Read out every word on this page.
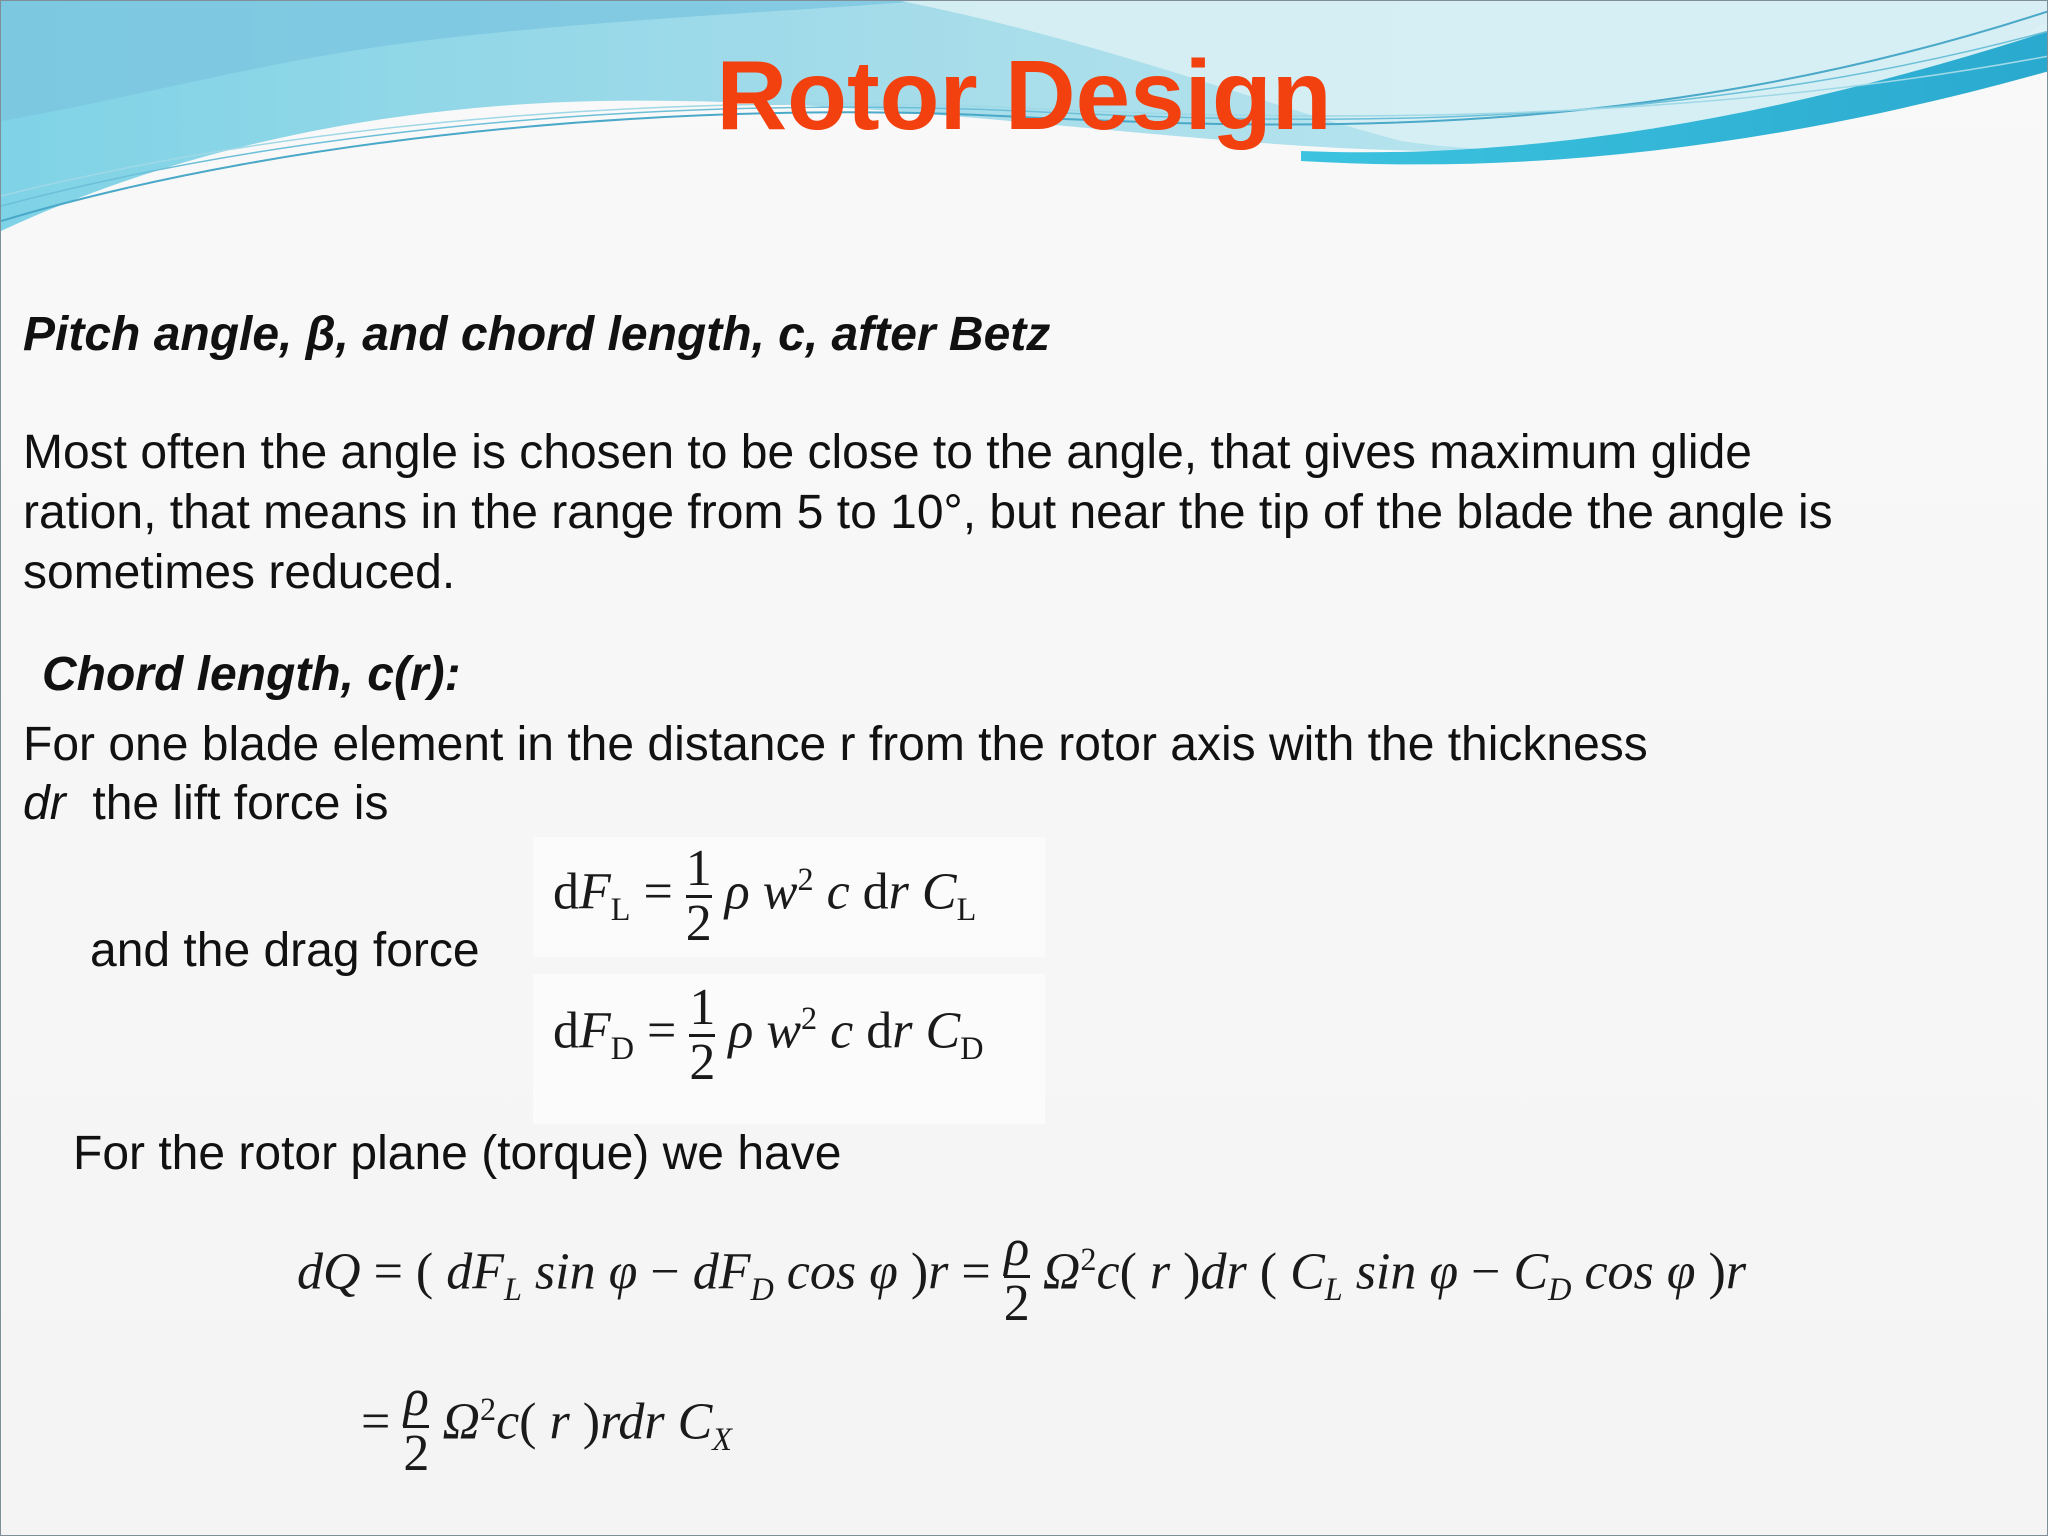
Rotor Design
Pitch angle, β, and chord length, c, after Betz
Most often the angle is chosen to be close to the angle, that gives maximum glide
ration, that means in the range from 5 to 10°, but near the tip of the blade the angle is
sometimes reduced.
Chord length, c(r):
For one blade element in the distance r from the rotor axis with the thickness
dr  the lift force is
and the drag force
$dF_L = \frac{1}{2}$ ρ $w^2$ c dr $C_L$
$dF_D = \frac{1}{2}$ ρ $w^2$ c dr $C_D$
For the rotor plane (torque) we have
dQ = ( $dF_L$ $\sin \varphi - dF_D$ cos φ )$r = \frac{\rho}{2} \Omega^2c$( r )dr ( $C_L$ $\sin \varphi - C_D$ cos φ )r
= $\frac{\rho}{2} \Omega^2c$( r )rdr $C_X$
